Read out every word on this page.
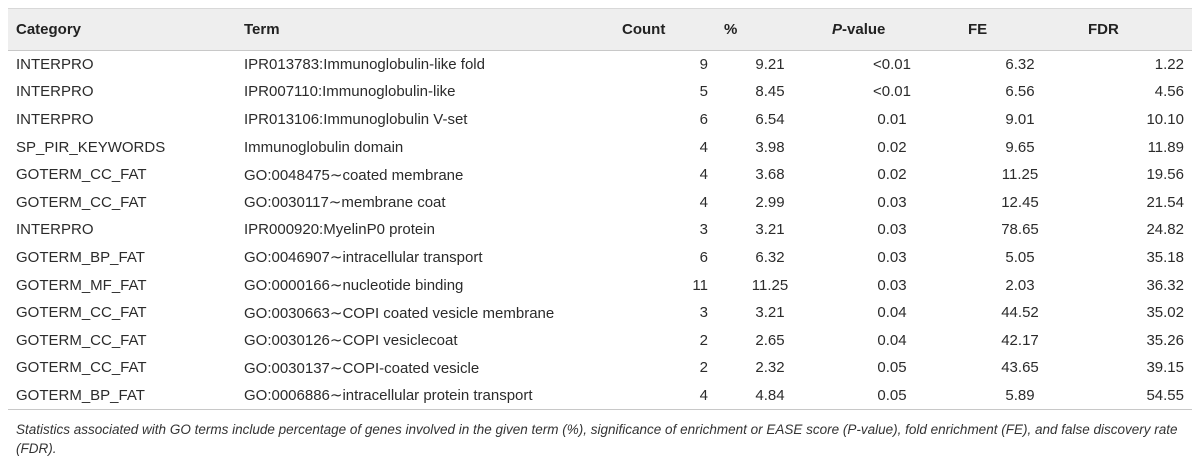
Category	Term	Count	%	P-value	FE	FDR
INTERPRO	IPR013783:Immunoglobulin-like fold	9	9.21	<0.01	6.32	1.22
INTERPRO	IPR007110:Immunoglobulin-like	5	8.45	<0.01	6.56	4.56
INTERPRO	IPR013106:Immunoglobulin V-set	6	6.54	0.01	9.01	10.10
SP_PIR_KEYWORDS	Immunoglobulin domain	4	3.98	0.02	9.65	11.89
GOTERM_CC_FAT	GO:0048475∼coated membrane	4	3.68	0.02	11.25	19.56
GOTERM_CC_FAT	GO:0030117∼membrane coat	4	2.99	0.03	12.45	21.54
INTERPRO	IPR000920:MyelinP0 protein	3	3.21	0.03	78.65	24.82
GOTERM_BP_FAT	GO:0046907∼intracellular transport	6	6.32	0.03	5.05	35.18
GOTERM_MF_FAT	GO:0000166∼nucleotide binding	11	11.25	0.03	2.03	36.32
GOTERM_CC_FAT	GO:0030663∼COPI coated vesicle membrane	3	3.21	0.04	44.52	35.02
GOTERM_CC_FAT	GO:0030126∼COPI vesiclecoat	2	2.65	0.04	42.17	35.26
GOTERM_CC_FAT	GO:0030137∼COPI-coated vesicle	2	2.32	0.05	43.65	39.15
GOTERM_BP_FAT	GO:0006886∼intracellular protein transport	4	4.84	0.05	5.89	54.55
Statistics associated with GO terms include percentage of genes involved in the given term (%), significance of enrichment or EASE score (P-value), fold enrichment (FE), and false discovery rate (FDR).
